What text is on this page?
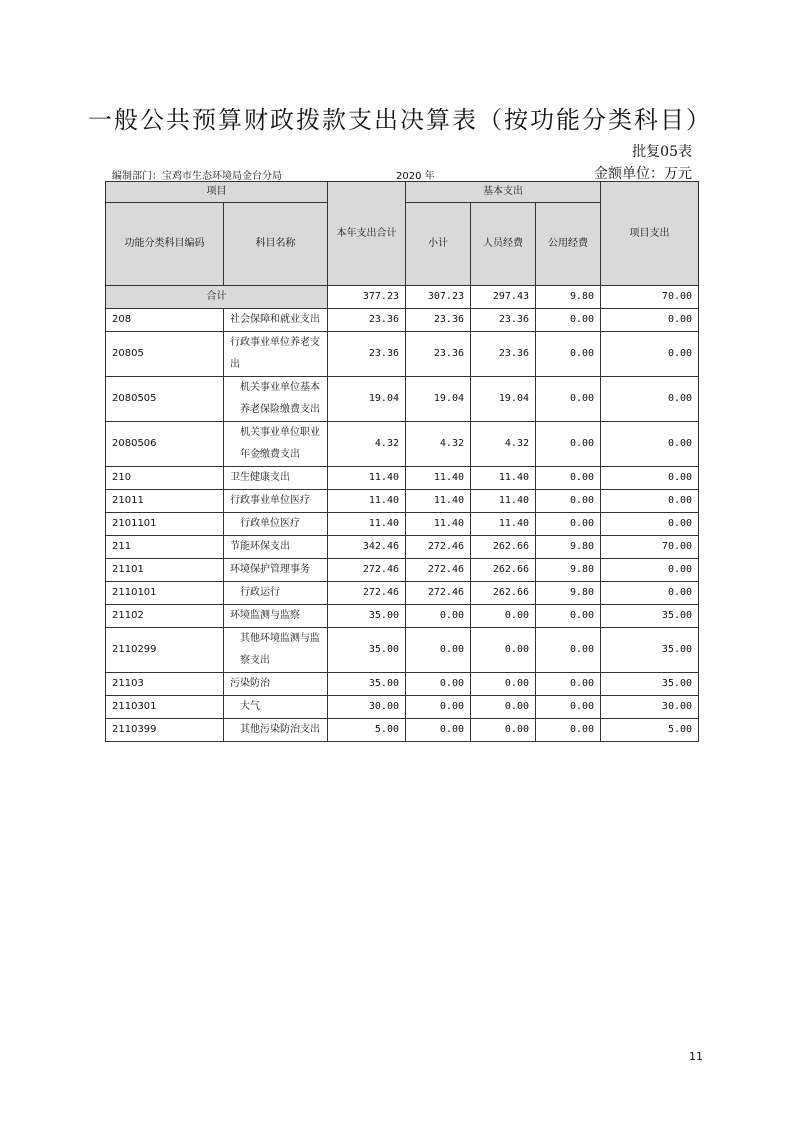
一般公共预算财政拨款支出决算表（按功能分类科目）
批复05表
编制部门：宝鸡市生态环境局金台分局	2020 年	金额单位：万元
项目		本年支出合计	基本支出			项目支出
功能分类科目编码	科目名称		小计	人员经费	公用经费	
合计		377.23	307.23	297.43	9.80	70.00
208	社会保障和就业支出	23.36	23.36	23.36	0.00	0.00
20805	行政事业单位养老支出	23.36	23.36	23.36	0.00	0.00
2080505	机关事业单位基本养老保险缴费支出	19.04	19.04	19.04	0.00	0.00
2080506	机关事业单位职业年金缴费支出	4.32	4.32	4.32	0.00	0.00
210	卫生健康支出	11.40	11.40	11.40	0.00	0.00
21011	行政事业单位医疗	11.40	11.40	11.40	0.00	0.00
2101101	行政单位医疗	11.40	11.40	11.40	0.00	0.00
211	节能环保支出	342.46	272.46	262.66	9.80	70.00
21101	环境保护管理事务	272.46	272.46	262.66	9.80	0.00
2110101	行政运行	272.46	272.46	262.66	9.80	0.00
21102	环境监测与监察	35.00	0.00	0.00	0.00	35.00
2110299	其他环境监测与监察支出	35.00	0.00	0.00	0.00	35.00
21103	污染防治	35.00	0.00	0.00	0.00	35.00
2110301	大气	30.00	0.00	0.00	0.00	30.00
2110399	其他污染防治支出	5.00	0.00	0.00	0.00	5.00
11
